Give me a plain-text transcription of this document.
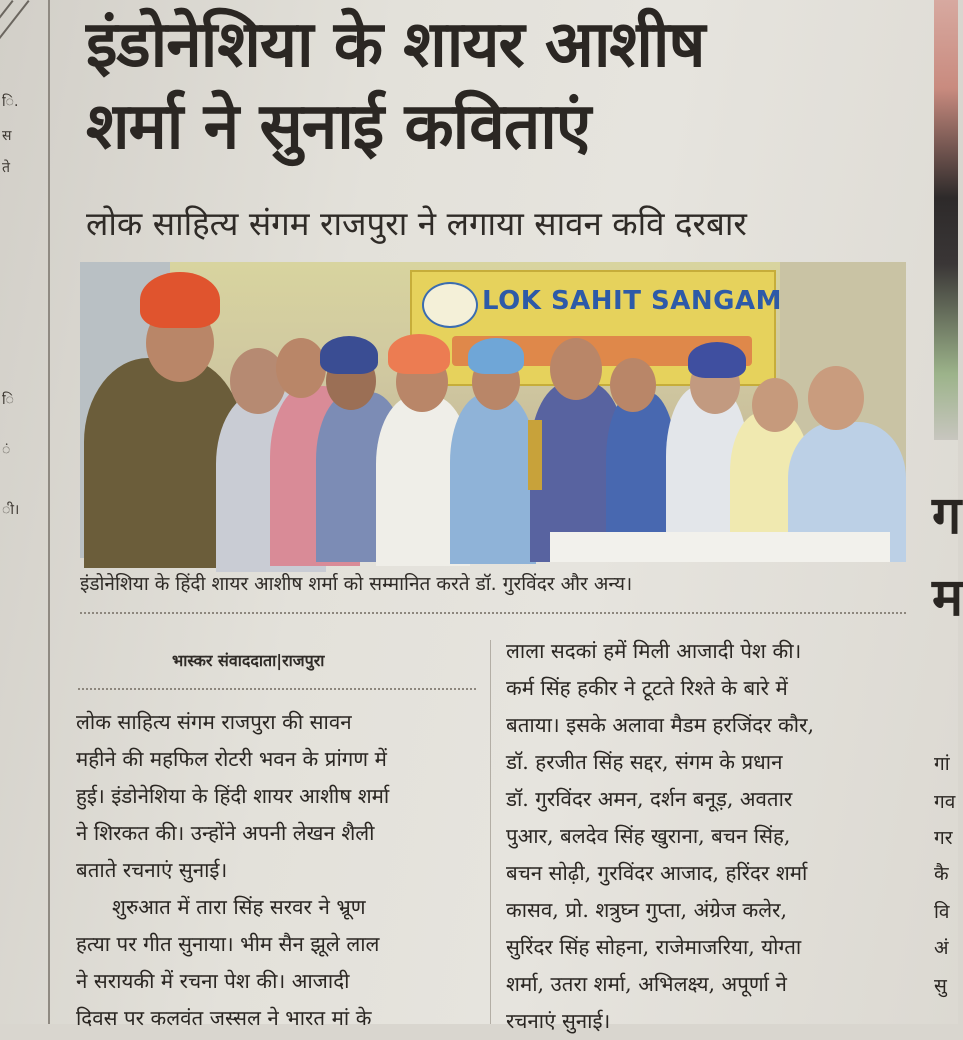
ि.
स
ते
ि
ं
ी।
इंडोनेशिया के शायर आशीष
शर्मा ने सुनाई कविताएं
लोक साहित्य संगम राजपुरा ने लगाया सावन कवि दरबार
LOK SAHIT SANGAM
इंडोनेशिया के हिंदी शायर आशीष शर्मा को सम्मानित करते डॉ. गुरविंदर और अन्य।
भास्कर संवाददाता|राजपुरा
लोक साहित्य संगम राजपुरा की सावन
महीने की महफिल रोटरी भवन के प्रांगण में
हुई। इंडोनेशिया के हिंदी शायर आशीष शर्मा
ने शिरकत की। उन्होंने अपनी लेखन शैली
बताते रचनाएं सुनाई।
शुरुआत में तारा सिंह सरवर ने भ्रूण
हत्या पर गीत सुनाया। भीम सैन झूले लाल
ने सरायकी में रचना पेश की। आजादी
दिवस पर कलवंत जस्सल ने भारत मां के
लाला सदकां हमें मिली आजादी पेश की।
कर्म सिंह हकीर ने टूटते रिश्ते के बारे में
बताया। इसके अलावा मैडम हरजिंदर कौर,
डॉ. हरजीत सिंह सद्दर, संगम के प्रधान
डॉ. गुरविंदर अमन, दर्शन बनूड़, अवतार
पुआर, बलदेव सिंह खुराना, बचन सिंह,
बचन सोढ़ी, गुरविंदर आजाद, हरिंदर शर्मा
कासव, प्रो. शत्रुघ्न गुप्ता, अंग्रेज कलेर,
सुरिंदर सिंह सोहना, राजेमाजरिया, योग्ता
शर्मा, उतरा शर्मा, अभिलक्ष्य, अपूर्णा ने
रचनाएं सुनाई।
ग
म
गां
गव
गर
कै
वि
अं
सु
